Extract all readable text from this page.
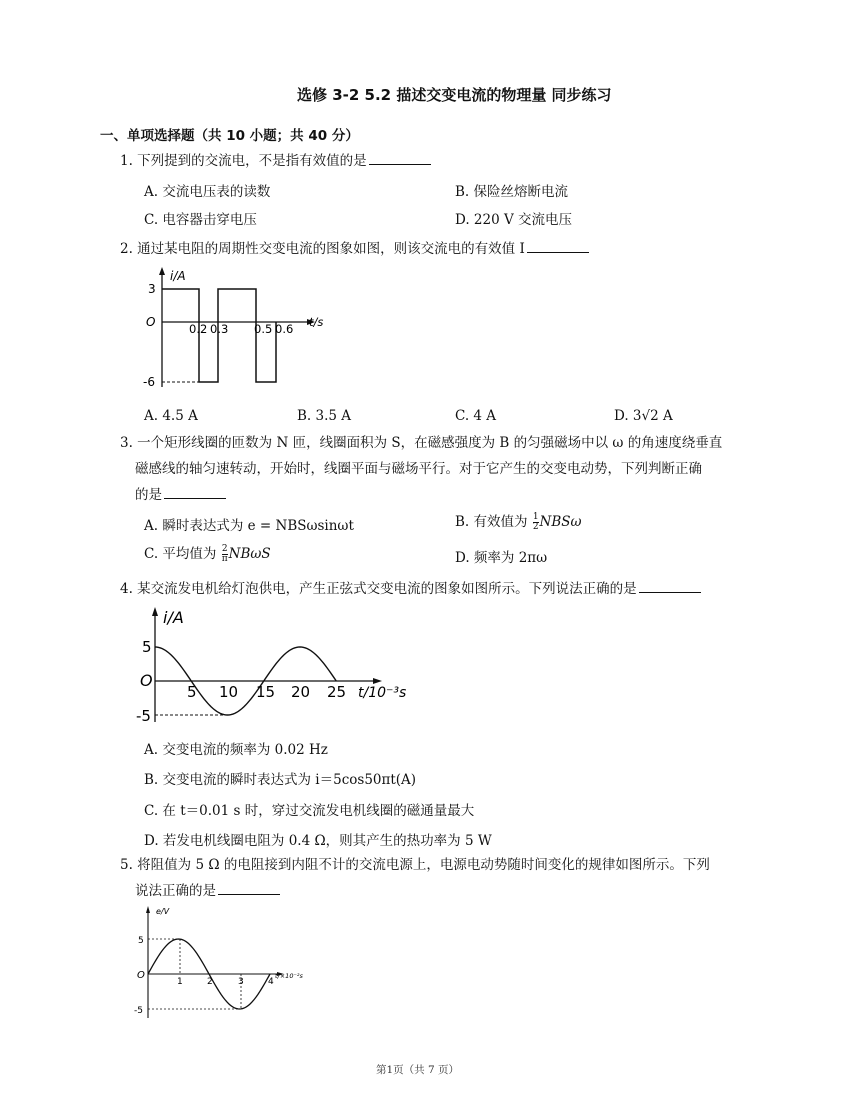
选修 3-2 5.2 描述交变电流的物理量 同步练习
一、单项选择题（共 10 小题；共 40 分）
1. 下列提到的交流电，不是指有效值的是
A. 交流电压表的读数	B. 保险丝熔断电流
C. 电容器击穿电压	D. 220 V 交流电压
2. 通过某电阻的周期性交变电流的图象如图，则该交流电的有效值 I
i/A
3
O
-6
0.2 0.3 0.5 0.6 t/s
A. 4.5 A	B. 3.5 A	C. 4 A	D. 3√2 A
3. 一个矩形线圈的匝数为 N 匝，线圈面积为 S，在磁感强度为 B 的匀强磁场中以 ω 的角速度绕垂直
磁感线的轴匀速转动，开始时，线圈平面与磁场平行。对于它产生的交变电动势，下列判断正确
的是
A. 瞬时表达式为 e = NBSωsinωt	B. 有效值为 $\frac{1}{2}$ NBSω
C. 平均值为 $\frac{2}{\pi}$ NBωS	D. 频率为 2πω
4. 某交流发电机给灯泡供电，产生正弦式交变电流的图象如图所示。下列说法正确的是
i/A
5
O
-5
5 10 15 20 25 t/10⁻³s
A. 交变电流的频率为 0.02 Hz
B. 交变电流的瞬时表达式为 i＝5cos50πt(A)
C. 在 t＝0.01 s 时，穿过交流发电机线圈的磁通量最大
D. 若发电机线圈电阻为 0.4 Ω，则其产生的热功率为 5 W
5. 将阻值为 5 Ω 的电阻接到内阻不计的交流电源上，电源电动势随时间变化的规律如图所示。下列
说法正确的是
e/V
5
O
-5
1	2	3	4
t/×10⁻²s
第1页（共 7 页）
